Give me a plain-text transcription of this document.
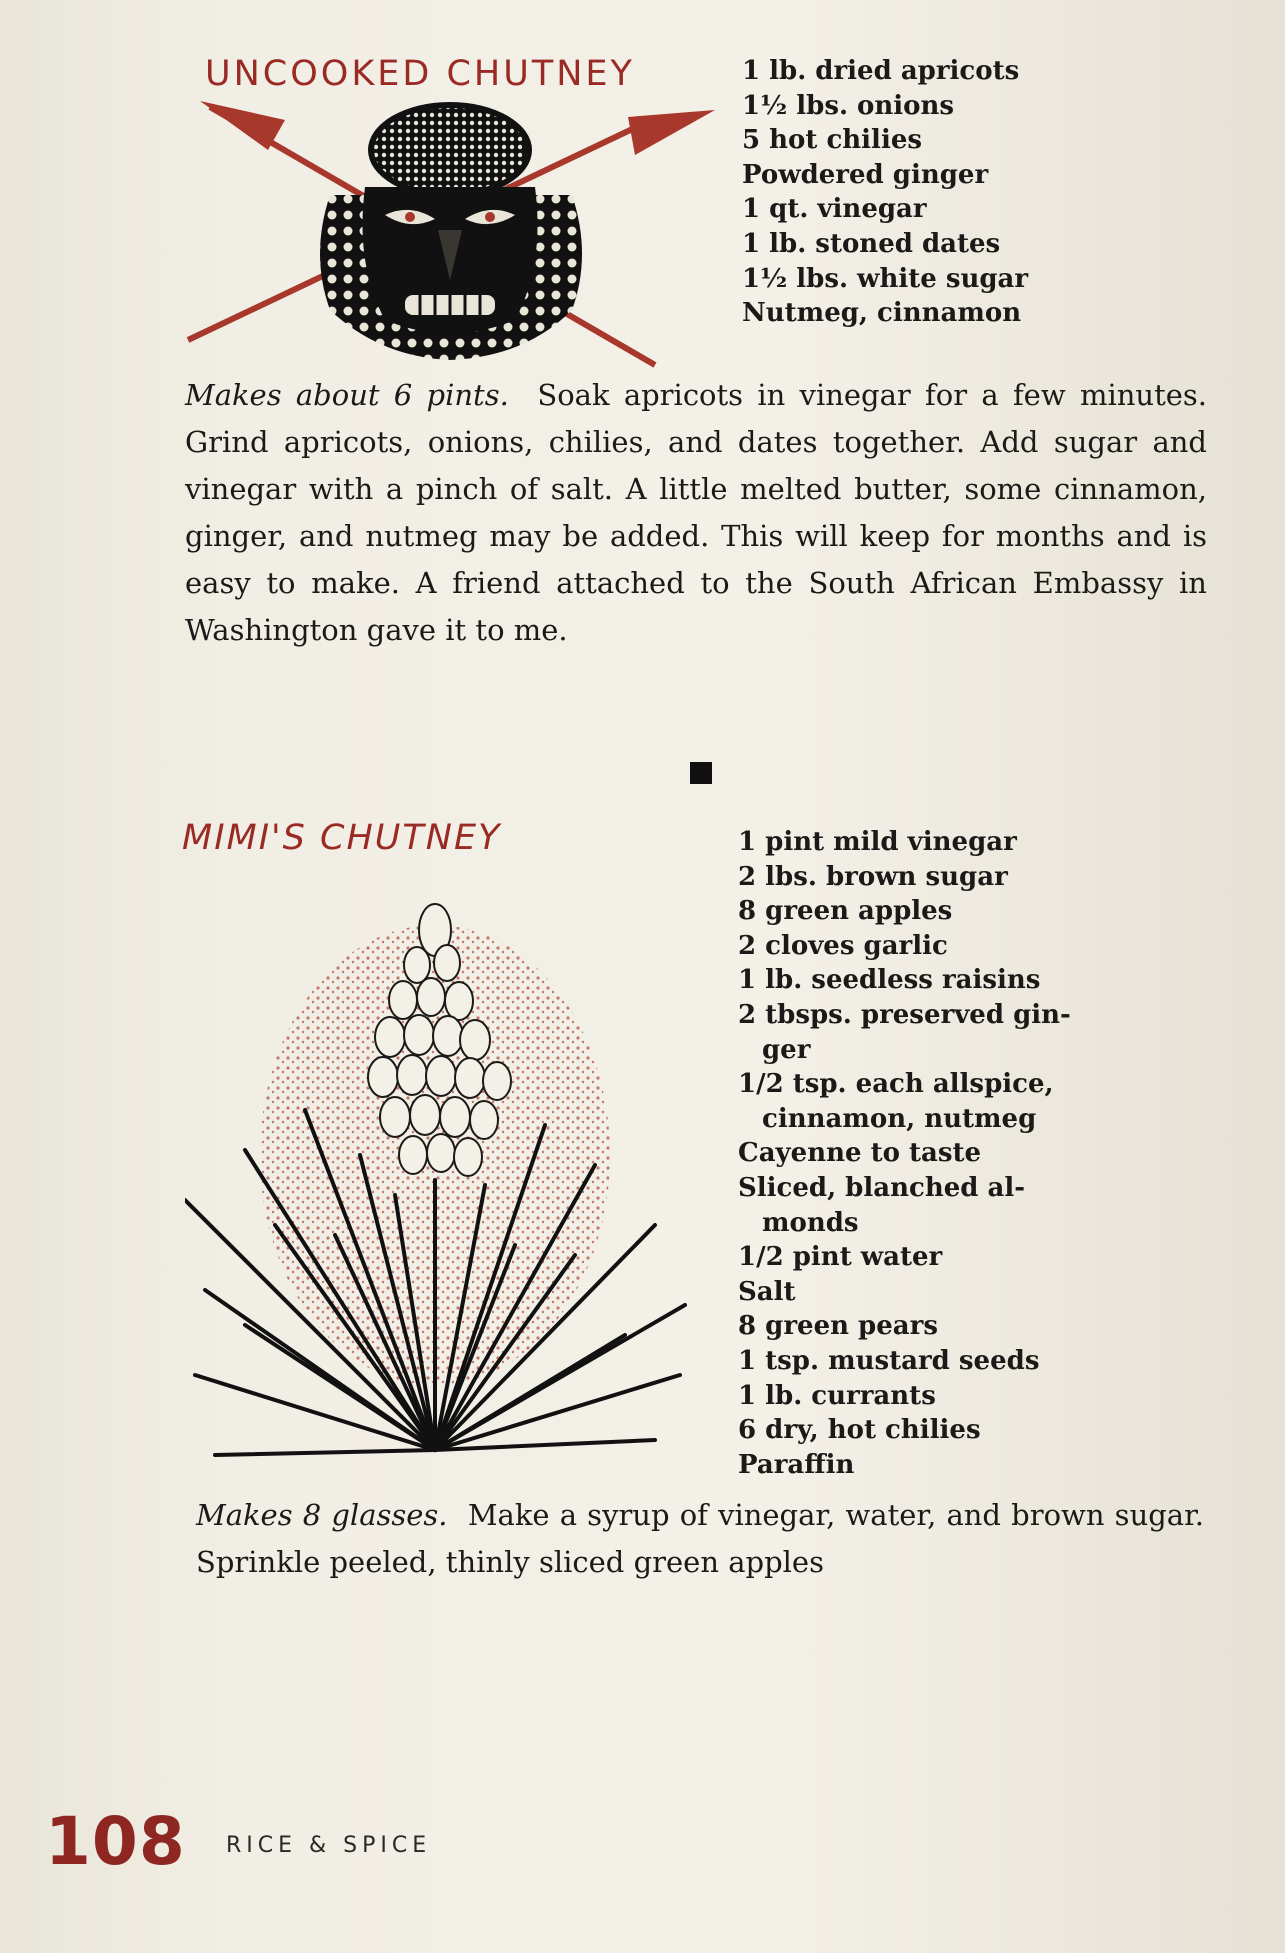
UNCOOKED CHUTNEY	1 lb. dried apricots
1½ lbs. onions
5 hot chilies
Powdered ginger
1 qt. vinegar
1 lb. stoned dates
1½ lbs. white sugar
Nutmeg, cinnamon

Makes about 6 pints. Soak apricots in vinegar for a few minutes. Grind apricots, onions, chilies, and dates together. Add sugar and vinegar with a pinch of salt. A little melted butter, some cinnamon, ginger, and nutmeg may be added. This will keep for months and is easy to make. A friend attached to the South African Embassy in Washington gave it to me.

MIMI'S CHUTNEY	1 pint mild vinegar
2 lbs. brown sugar
8 green apples
2 cloves garlic
1 lb. seedless raisins
2 tbsps. preserved gin-
ger
1/2 tsp. each allspice,
cinnamon, nutmeg
Cayenne to taste
Sliced, blanched al-
monds
1/2 pint water
Salt
8 green pears
1 tsp. mustard seeds
1 lb. currants
6 dry, hot chilies
Paraffin

Makes 8 glasses. Make a syrup of vinegar, water, and brown sugar. Sprinkle peeled, thinly sliced green apples

108 RICE & SPICE
